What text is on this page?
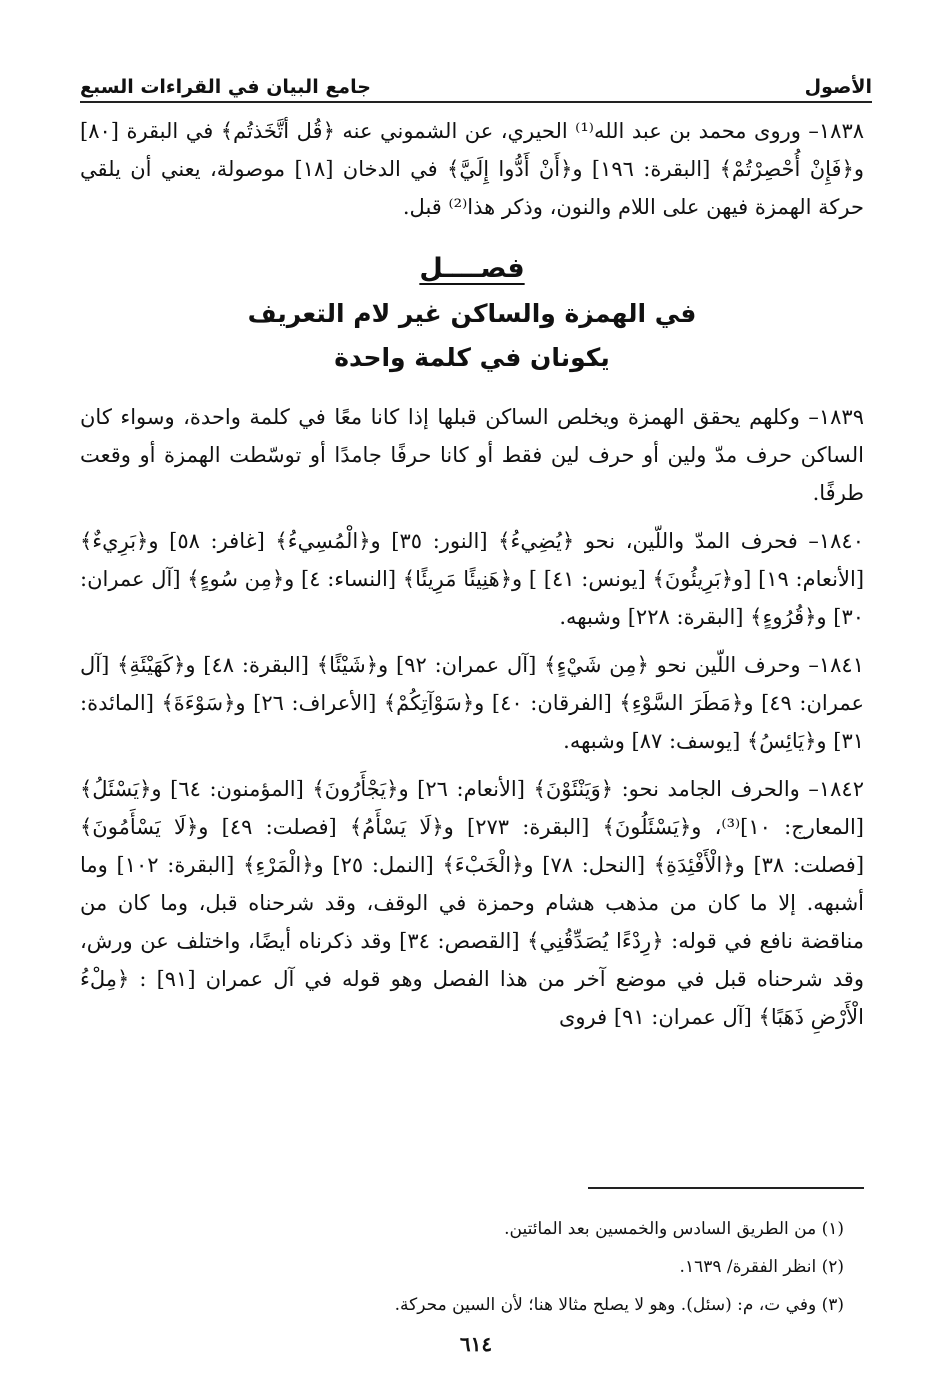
الأصول
جامع البيان في القراءات السبع

١٨٣٨– وروى محمد بن عبد الله⁽¹⁾ الحيري، عن الشموني عنه ﴿قُل أتَّخَذتُم﴾ في البقرة [٨٠] و﴿فَإِنْ أُحْصِرْتُمْ﴾ [البقرة: ١٩٦] و﴿أَنْ أَدُّوا إِلَيَّ﴾ في الدخان [١٨] موصولة، يعني أن يلقي حركة الهمزة فيهن على اللام والنون، وذكر هذا⁽²⁾ قبل.

فصــــل
في الهمزة والساكن غير لام التعريف
يكونان في كلمة واحدة

١٨٣٩– وكلهم يحقق الهمزة ويخلص الساكن قبلها إذا كانا معًا في كلمة واحدة، وسواء كان الساكن حرف مدّ ولين أو حرف لين فقط أو كانا حرفًا جامدًا أو توسّطت الهمزة أو وقعت طرفًا.

١٨٤٠– فحرف المدّ واللّين، نحو ﴿يُضِيءُ﴾ [النور: ٣٥] و﴿الْمُسِيءُ﴾ [غافر: ٥٨] و﴿بَرِيءٌ﴾ [الأنعام: ١٩] [و﴿بَرِيئُونَ﴾ [يونس: ٤١] ] و﴿هَنِيئًا مَرِيئًا﴾ [النساء: ٤] و﴿مِن سُوءٍ﴾ [آل عمران: ٣٠] و﴿قُرُوءٍ﴾ [البقرة: ٢٢٨] وشبهه.

١٨٤١– وحرف اللّين نحو ﴿مِن شَيْءٍ﴾ [آل عمران: ٩٢] و﴿شَيْئًا﴾ [البقرة: ٤٨] و﴿كَهَيْئَةِ﴾ [آل عمران: ٤٩] و﴿مَطَرَ السَّوْءِ﴾ [الفرقان: ٤٠] و﴿سَوْآتِكُمْ﴾ [الأعراف: ٢٦] و﴿سَوْءَةَ﴾ [المائدة: ٣١] و﴿يَائِسُ﴾ [يوسف: ٨٧] وشبهه.

١٨٤٢– والحرف الجامد نحو: ﴿وَيَنْئَوْنَ﴾ [الأنعام: ٢٦] و﴿يَجْأَرُونَ﴾ [المؤمنون: ٦٤] و﴿يَسْئَلُ﴾ [المعارج: ١٠]⁽³⁾، و﴿يَسْئَلُونَ﴾ [البقرة: ٢٧٣] و﴿لَا يَسْأَمُ﴾ [فصلت: ٤٩] و﴿لَا يَسْأَمُونَ﴾ [فصلت: ٣٨] و﴿الْأَفْئِدَةِ﴾ [النحل: ٧٨] و﴿الْخَبْءَ﴾ [النمل: ٢٥] و﴿الْمَرْءِ﴾ [البقرة: ١٠٢] وما أشبهه. إلا ما كان من مذهب هشام وحمزة في الوقف، وقد شرحناه قبل، وما كان من مناقضة نافع في قوله: ﴿رِدْءًا يُصَدِّقُنِي﴾ [القصص: ٣٤] وقد ذكرناه أيضًا، واختلف عن ورش، وقد شرحناه قبل في موضع آخر من هذا الفصل وهو قوله في آل عمران [٩١] : ﴿مِلْءُ الْأَرْضِ ذَهَبًا﴾ [آل عمران: ٩١] فروى

(١) من الطريق السادس والخمسين بعد المائتين.

(٢) انظر الفقرة/ ١٦٣٩.

(٣) وفي ت، م: (سئل). وهو لا يصلح مثالا هنا؛ لأن السين محركة.

٦١٤
